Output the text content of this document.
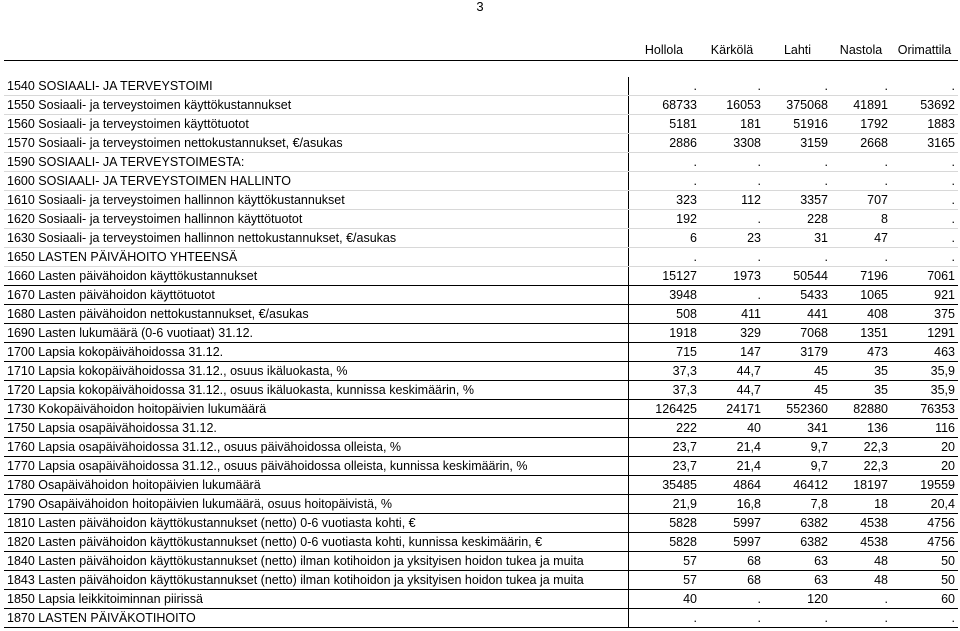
3
	Hollola	Kärkölä	Lahti	Nastola	Orimattila

1540 SOSIAALI- JA TERVEYSTOIMI	.	.	.	.	.
1550 Sosiaali- ja terveystoimen käyttökustannukset	68733	16053	375068	41891	53692
1560 Sosiaali- ja terveystoimen käyttötuotot	5181	181	51916	1792	1883
1570 Sosiaali- ja terveystoimen nettokustannukset, €/asukas	2886	3308	3159	2668	3165
1590 SOSIAALI- JA TERVEYSTOIMESTA:	.	.	.	.	.
1600 SOSIAALI- JA TERVEYSTOIMEN HALLINTO	.	.	.	.	.
1610 Sosiaali- ja terveystoimen hallinnon käyttökustannukset	323	112	3357	707	.
1620 Sosiaali- ja terveystoimen hallinnon käyttötuotot	192	.	228	8	.
1630 Sosiaali- ja terveystoimen hallinnon nettokustannukset, €/asukas	6	23	31	47	.
1650 LASTEN PÄIVÄHOITO YHTEENSÄ	.	.	.	.	.
1660 Lasten päivähoidon käyttökustannukset	15127	1973	50544	7196	7061
1670 Lasten päivähoidon käyttötuotot	3948	.	5433	1065	921
1680 Lasten päivähoidon nettokustannukset, €/asukas	508	411	441	408	375
1690 Lasten lukumäärä (0-6 vuotiaat) 31.12.	1918	329	7068	1351	1291
1700 Lapsia kokopäivähoidossa 31.12.	715	147	3179	473	463
1710 Lapsia kokopäivähoidossa 31.12., osuus ikäluokasta, %	37,3	44,7	45	35	35,9
1720 Lapsia kokopäivähoidossa 31.12., osuus ikäluokasta, kunnissa keskimäärin, %	37,3	44,7	45	35	35,9
1730 Kokopäivähoidon hoitopäivien lukumäärä	126425	24171	552360	82880	76353
1750 Lapsia osapäivähoidossa 31.12.	222	40	341	136	116
1760 Lapsia osapäivähoidossa 31.12., osuus päivähoidossa olleista, %	23,7	21,4	9,7	22,3	20
1770 Lapsia osapäivähoidossa 31.12., osuus päivähoidossa olleista, kunnissa keskimäärin, %	23,7	21,4	9,7	22,3	20
1780 Osapäivähoidon hoitopäivien lukumäärä	35485	4864	46412	18197	19559
1790 Osapäivähoidon hoitopäivien lukumäärä, osuus hoitopäivistä, %	21,9	16,8	7,8	18	20,4
1810 Lasten päivähoidon käyttökustannukset (netto) 0-6 vuotiasta kohti, €	5828	5997	6382	4538	4756
1820 Lasten päivähoidon käyttökustannukset (netto) 0-6 vuotiasta kohti, kunnissa keskimäärin, €	5828	5997	6382	4538	4756
1840 Lasten päivähoidon käyttökustannukset (netto) ilman kotihoidon ja yksityisen hoidon tukea ja muita	57	68	63	48	50
1843 Lasten päivähoidon käyttökustannukset (netto) ilman kotihoidon ja yksityisen hoidon tukea ja muita	57	68	63	48	50
1850 Lapsia leikkitoiminnan piirissä	40	.	120	.	60
1870 LASTEN PÄIVÄKOTIHOITO	.	.	.	.	.
